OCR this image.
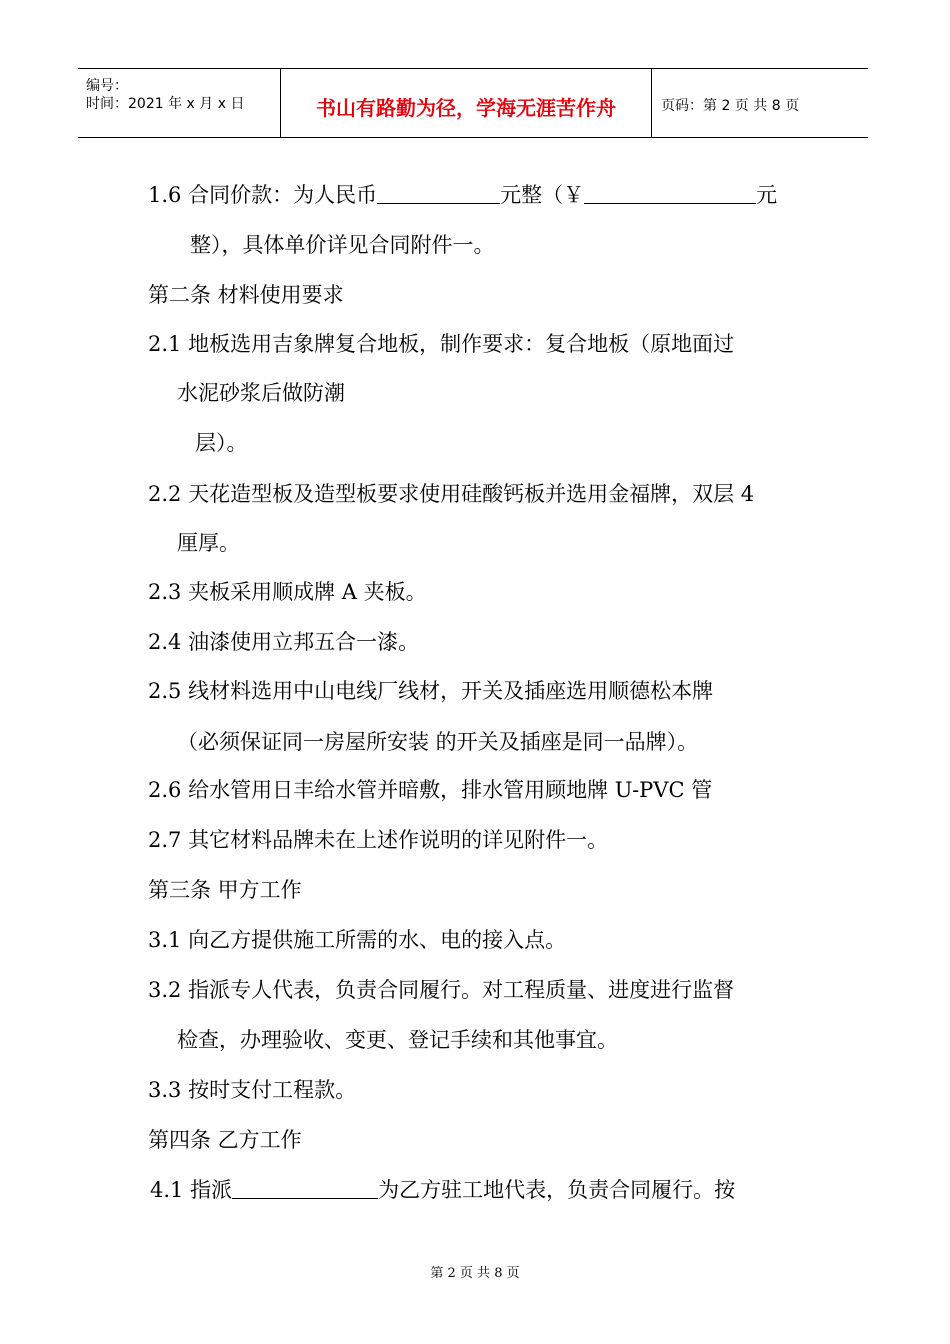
编号：
时间：2021 年 x 月 x 日	书山有路勤为径，学海无涯苦作舟	页码：第 2 页 共 8 页
1.6 合同价款：为人民币	元整（￥	元
整），具体单价详见合同附件一。
第二条 材料使用要求
2.1 地板选用吉象牌复合地板，制作要求：复合地板（原地面过
水泥砂浆后做防潮
层）。
2.2 天花造型板及造型板要求使用硅酸钙板并选用金福牌，双层 4
厘厚。
2.3 夹板采用顺成牌 A 夹板。
2.4 油漆使用立邦五合一漆。
2.5 线材料选用中山电线厂线材，开关及插座选用顺德松本牌
（必须保证同一房屋所安装 的开关及插座是同一品牌）。
2.6 给水管用日丰给水管并暗敷，排水管用顾地牌 U-PVC 管
2.7 其它材料品牌未在上述作说明的详见附件一。
第三条 甲方工作
3.1 向乙方提供施工所需的水、电的接入点。
3.2 指派专人代表，负责合同履行。对工程质量、进度进行监督
检查，办理验收、变更、登记手续和其他事宜。
3.3 按时支付工程款。
第四条 乙方工作
4.1 指派	为乙方驻工地代表，负责合同履行。按
第 2 页 共 8 页
